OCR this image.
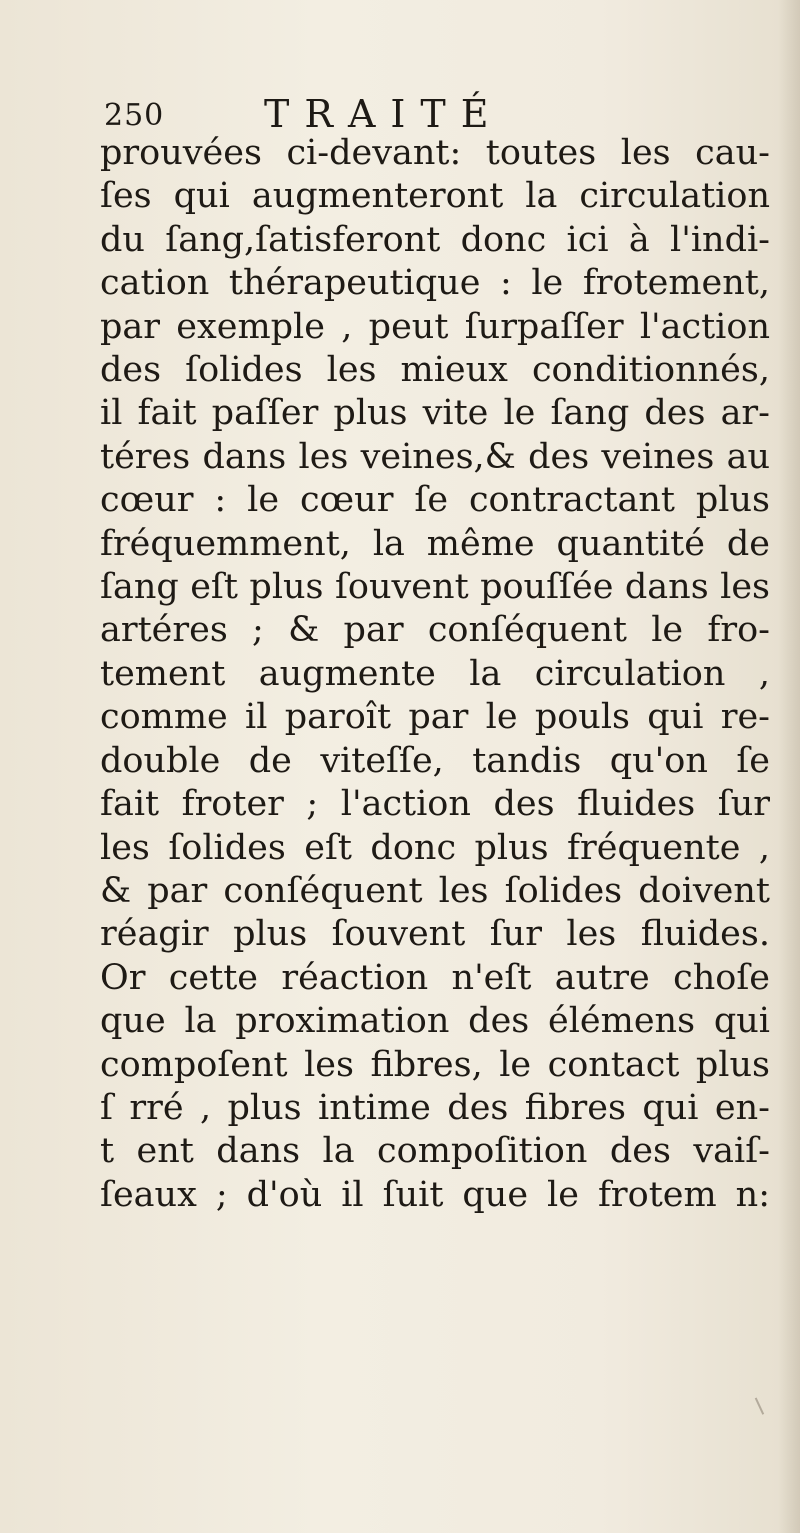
250	TRAITÉ
prouvées ci-devant: toutes les cau-
ſes qui augmenteront la circulation
du ſang,ſatisferont donc ici à l'indi-
cation thérapeutique : le frotement,
par exemple , peut ſurpaſſer l'action
des ſolides les mieux conditionnés,
il fait paſſer plus vite le ſang des ar-
téres dans les veines,& des veines au
cœur : le cœur ſe contractant plus
fréquemment, la même quantité de
ſang eſt plus ſouvent pouſſée dans les
artéres ; & par conſéquent le fro-
tement augmente la circulation ,
comme il paroît par le pouls qui re-
double de viteſſe, tandis qu'on ſe
fait froter ; l'action des fluides ſur
les ſolides eſt donc plus fréquente ,
& par conſéquent les ſolides doivent
réagir plus ſouvent ſur les fluides.
Or cette réaction n'eſt autre choſe
que la proximation des élémens qui
compoſent les fibres, le contact plus
ſ rré , plus intime des fibres qui en-
t ent dans la compoſition des vaiſ-
ſeaux ; d'où il ſuit que le frotem n:
